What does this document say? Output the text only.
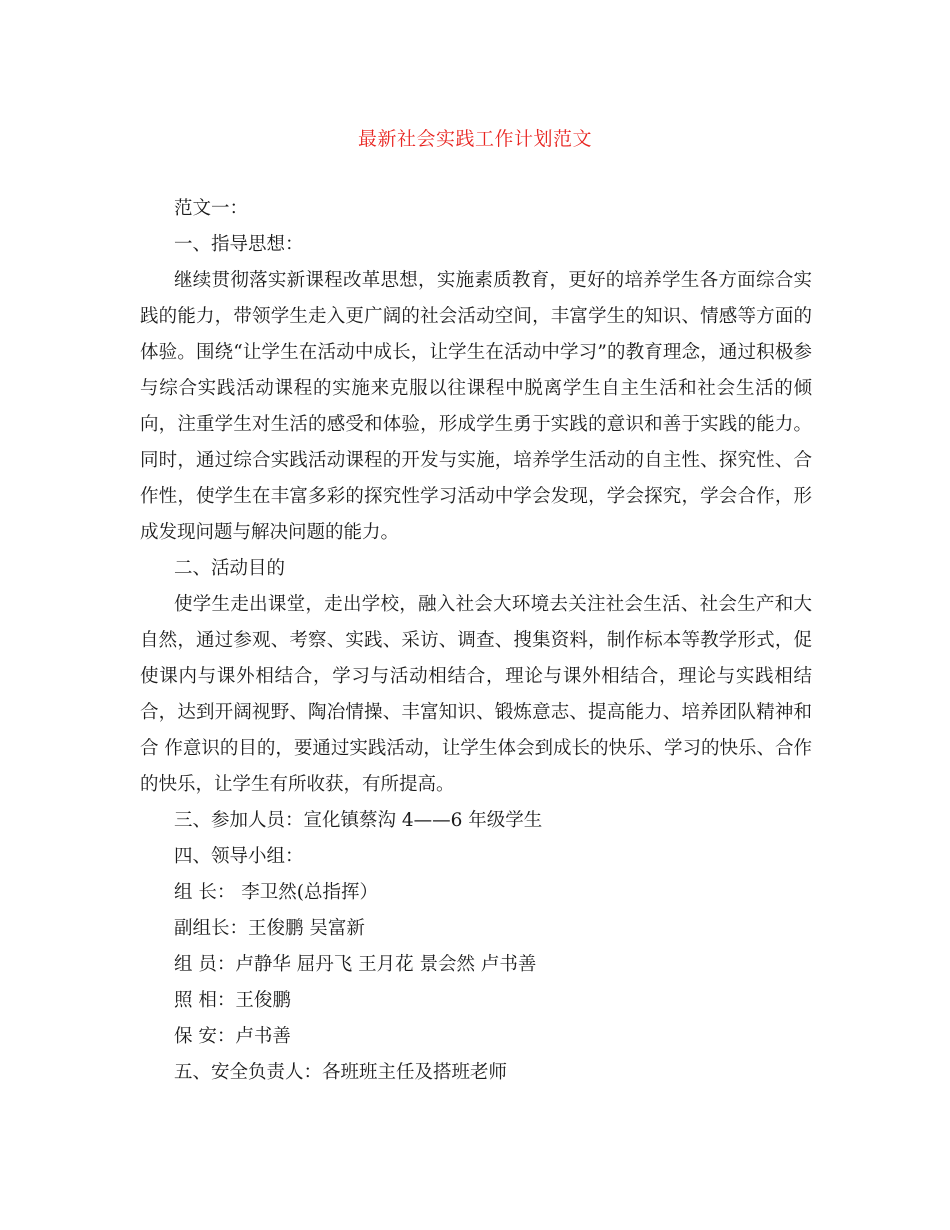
最新社会实践工作计划范文

范文一：

一、指导思想：

继续贯彻落实新课程改革思想，实施素质教育，更好的培养学生各方面综合实践的能力，带领学生走入更广阔的社会活动空间，丰富学生的知识、情感等方面的体验。围绕“让学生在活动中成长，让学生在活动中学习”的教育理念，通过积极参与综合实践活动课程的实施来克服以往课程中脱离学生自主生活和社会生活的倾向，注重学生对生活的感受和体验，形成学生勇于实践的意识和善于实践的能力。同时，通过综合实践活动课程的开发与实施，培养学生活动的自主性、探究性、合作性，使学生在丰富多彩的探究性学习活动中学会发现，学会探究，学会合作，形成发现问题与解决问题的能力。

二、活动目的

使学生走出课堂，走出学校，融入社会大环境去关注社会生活、社会生产和大自然，通过参观、考察、实践、采访、调查、搜集资料，制作标本等教学形式，促使课内与课外相结合，学习与活动相结合，理论与课外相结合，理论与实践相结合，达到开阔视野、陶冶情操、丰富知识、锻炼意志、提高能力、培养团队精神和合 作意识的目的，要通过实践活动，让学生体会到成长的快乐、学习的快乐、合作的快乐，让学生有所收获，有所提高。

三、参加人员：宣化镇蔡沟 4——6 年级学生

四、领导小组：

组 长： 李卫然(总指挥）

副组长：王俊鹏 吴富新

组 员：卢静华 屈丹飞 王月花 景会然 卢书善

照 相：王俊鹏

保 安：卢书善

五、安全负责人：各班班主任及搭班老师
